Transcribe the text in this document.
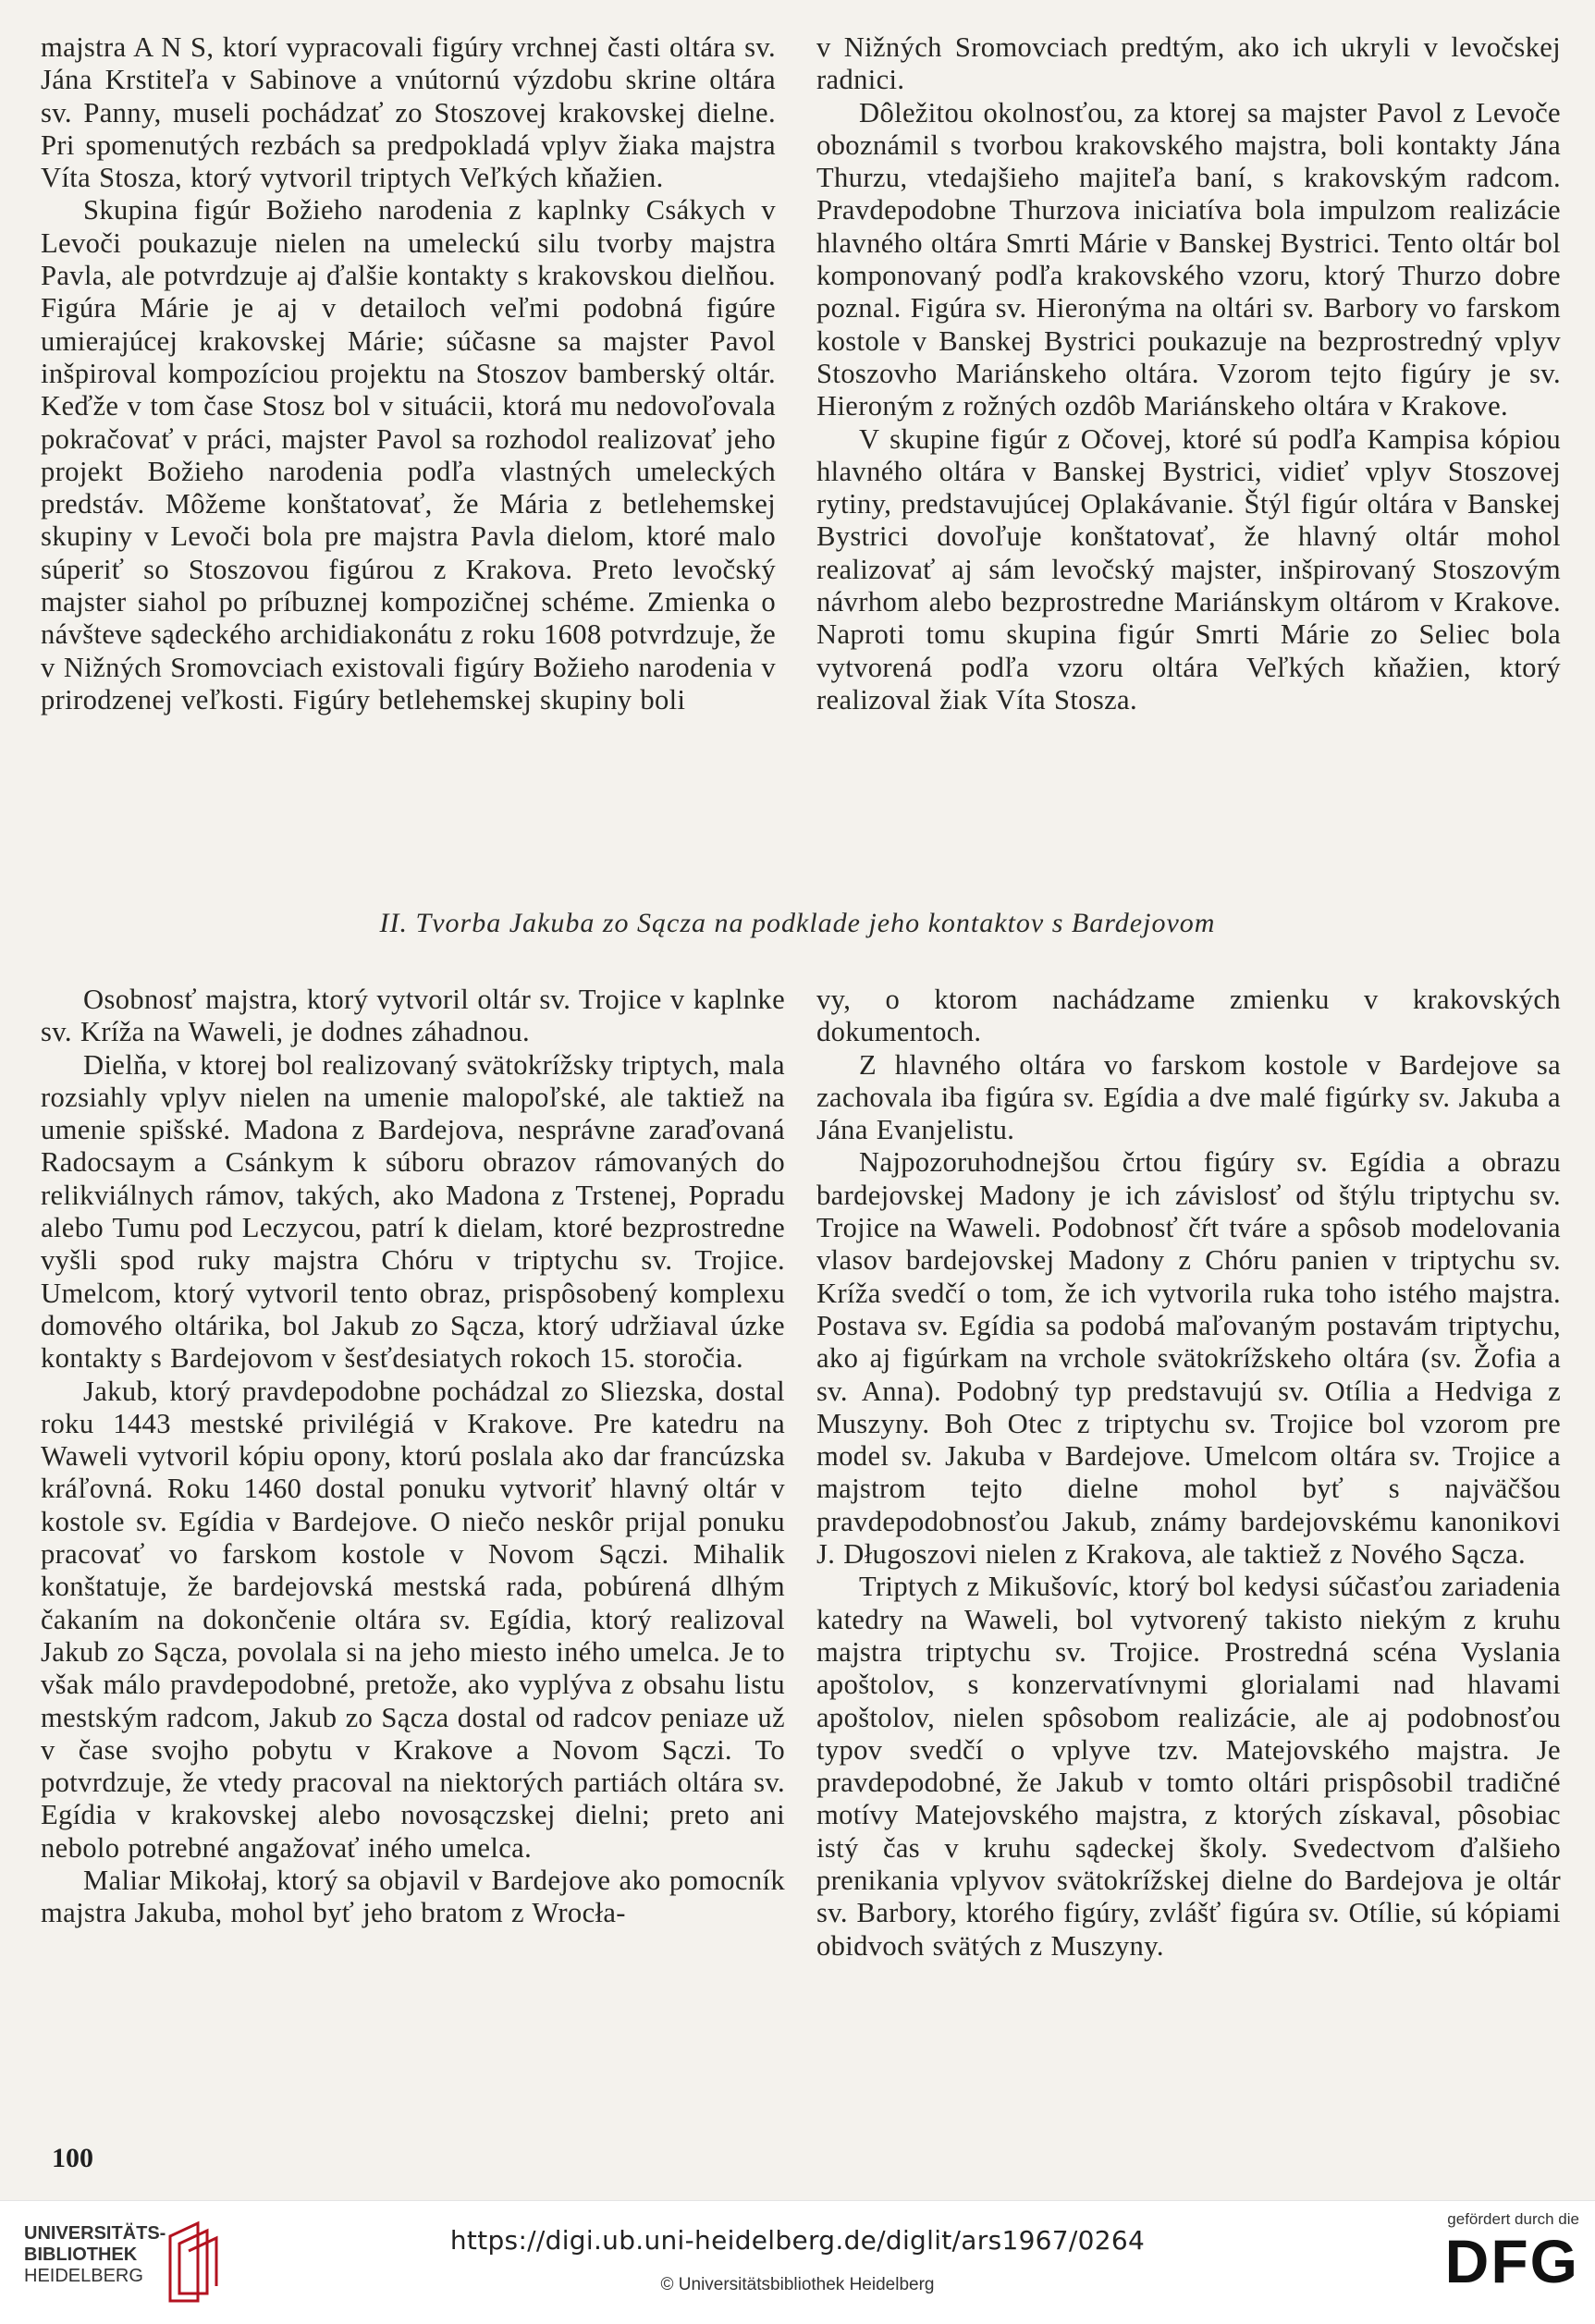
majstra A N S, ktorí vypracovali figúry vrchnej časti oltára sv. Jána Krstiteľa v Sabinove a vnútornú výzdobu skrine oltára sv. Panny, museli pochádzať zo Stoszovej krakovskej dielne. Pri spomenutých rezbách sa predpokladá vplyv žiaka majstra Víta Stosza, ktorý vytvoril triptych Veľkých kňažien.

Skupina figúr Božieho narodenia z kaplnky Csákych v Levoči poukazuje nielen na umeleckú silu tvorby majstra Pavla, ale potvrdzuje aj ďalšie kontakty s krakovskou dielňou. Figúra Márie je aj v detailoch veľmi podobná figúre umierajúcej krakovskej Márie; súčasne sa majster Pavol inšpiroval kompozíciou projektu na Stoszov bamberský oltár. Keďže v tom čase Stosz bol v situácii, ktorá mu nedovoľovala pokračovať v práci, majster Pavol sa rozhodol realizovať jeho projekt Božieho narodenia podľa vlastných umeleckých predstáv. Môžeme konštatovať, že Mária z betlehemskej skupiny v Levoči bola pre majstra Pavla dielom, ktoré malo súperiť so Stoszovou figúrou z Krakova. Preto levočský majster siahol po príbuznej kompozičnej schéme. Zmienka o návšteve sądeckého archidiakonátu z roku 1608 potvrdzuje, že v Nižných Sromovciach existovali figúry Božieho narodenia v prirodzenej veľkosti. Figúry betlehemskej skupiny boli

v Nižných Sromovciach predtým, ako ich ukryli v levočskej radnici.

Dôležitou okolnosťou, za ktorej sa majster Pavol z Levoče oboznámil s tvorbou krakovského majstra, boli kontakty Jána Thurzu, vtedajšieho majiteľa baní, s krakovským radcom. Pravdepodobne Thurzova iniciatíva bola impulzom realizácie hlavného oltára Smrti Márie v Banskej Bystrici. Tento oltár bol komponovaný podľa krakovského vzoru, ktorý Thurzo dobre poznal. Figúra sv. Hieronýma na oltári sv. Barbory vo farskom kostole v Banskej Bystrici poukazuje na bezprostredný vplyv Stoszovho Mariánskeho oltára. Vzorom tejto figúry je sv. Hieroným z rožných ozdôb Mariánskeho oltára v Krakove.

V skupine figúr z Očovej, ktoré sú podľa Kampisa kópiou hlavného oltára v Banskej Bystrici, vidieť vplyv Stoszovej rytiny, predstavujúcej Oplakávanie. Štýl figúr oltára v Banskej Bystrici dovoľuje konštatovať, že hlavný oltár mohol realizovať aj sám levočský majster, inšpirovaný Stoszovým návrhom alebo bezprostredne Mariánskym oltárom v Krakove. Naproti tomu skupina figúr Smrti Márie zo Seliec bola vytvorená podľa vzoru oltára Veľkých kňažien, ktorý realizoval žiak Víta Stosza.

II. Tvorba Jakuba zo Sącza na podklade jeho kontaktov s Bardejovom

Osobnosť majstra, ktorý vytvoril oltár sv. Trojice v kaplnke sv. Kríža na Waweli, je dodnes záhadnou.

Dielňa, v ktorej bol realizovaný svätokrížsky triptych, mala rozsiahly vplyv nielen na umenie malopoľské, ale taktiež na umenie spišské. Madona z Bardejova, nesprávne zaraďovaná Radocsaym a Csánkym k súboru obrazov rámovaných do relikviálnych rámov, takých, ako Madona z Trstenej, Popradu alebo Tumu pod Leczycou, patrí k dielam, ktoré bezprostredne vyšli spod ruky majstra Chóru v triptychu sv. Trojice. Umelcom, ktorý vytvoril tento obraz, prispôsobený komplexu domového oltárika, bol Jakub zo Sącza, ktorý udržiaval úzke kontakty s Bardejovom v šesťdesiatych rokoch 15. storočia.

Jakub, ktorý pravdepodobne pochádzal zo Sliezska, dostal roku 1443 mestské privilégiá v Krakove. Pre katedru na Waweli vytvoril kópiu opony, ktorú poslala ako dar francúzska kráľovná. Roku 1460 dostal ponuku vytvoriť hlavný oltár v kostole sv. Egídia v Bardejove. O niečo neskôr prijal ponuku pracovať vo farskom kostole v Novom Sączi. Mihalik konštatuje, že bardejovská mestská rada, pobúrená dlhým čakaním na dokončenie oltára sv. Egídia, ktorý realizoval Jakub zo Sącza, povolala si na jeho miesto iného umelca. Je to však málo pravdepodobné, pretože, ako vyplýva z obsahu listu mestským radcom, Jakub zo Sącza dostal od radcov peniaze už v čase svojho pobytu v Krakove a Novom Sączi. To potvrdzuje, že vtedy pracoval na niektorých partiách oltára sv. Egídia v krakovskej alebo novosączskej dielni; preto ani nebolo potrebné angažovať iného umelca.

Maliar Mikołaj, ktorý sa objavil v Bardejove ako pomocník majstra Jakuba, mohol byť jeho bratom z Wrocła-

vy, o ktorom nachádzame zmienku v krakovských dokumentoch.

Z hlavného oltára vo farskom kostole v Bardejove sa zachovala iba figúra sv. Egídia a dve malé figúrky sv. Jakuba a Jána Evanjelistu.

Najpozoruhodnejšou črtou figúry sv. Egídia a obrazu bardejovskej Madony je ich závislosť od štýlu triptychu sv. Trojice na Waweli. Podobnosť čŕt tváre a spôsob modelovania vlasov bardejovskej Madony z Chóru panien v triptychu sv. Kríža svedčí o tom, že ich vytvorila ruka toho istého majstra. Postava sv. Egídia sa podobá maľovaným postavám triptychu, ako aj figúrkam na vrchole svätokrížskeho oltára (sv. Žofia a sv. Anna). Podobný typ predstavujú sv. Otília a Hedviga z Muszyny. Boh Otec z triptychu sv. Trojice bol vzorom pre model sv. Jakuba v Bardejove. Umelcom oltára sv. Trojice a majstrom tejto dielne mohol byť s najväčšou pravdepodobnosťou Jakub, známy bardejovskému kanonikovi J. Długoszovi nielen z Krakova, ale taktiež z Nového Sącza.

Triptych z Mikušovíc, ktorý bol kedysi súčasťou zariadenia katedry na Waweli, bol vytvorený takisto niekým z kruhu majstra triptychu sv. Trojice. Prostredná scéna Vyslania apoštolov, s konzervatívnymi glorialami nad hlavami apoštolov, nielen spôsobom realizácie, ale aj podobnosťou typov svedčí o vplyve tzv. Matejovského majstra. Je pravdepodobné, že Jakub v tomto oltári prispôsobil tradičné motívy Matejovského majstra, z ktorých získaval, pôsobiac istý čas v kruhu sądeckej školy. Svedectvom ďalšieho prenikania vplyvov svätokrížskej dielne do Bardejova je oltár sv. Barbory, ktorého figúry, zvlášť figúra sv. Otílie, sú kópiami obidvoch svätých z Muszyny.

100
UNIVERSITÄTS-
BIBLIOTHEK
HEIDELBERG
https://digi.ub.uni-heidelberg.de/diglit/ars1967/0264
© Universitätsbibliothek Heidelberg
gefördert durch die
DFG
